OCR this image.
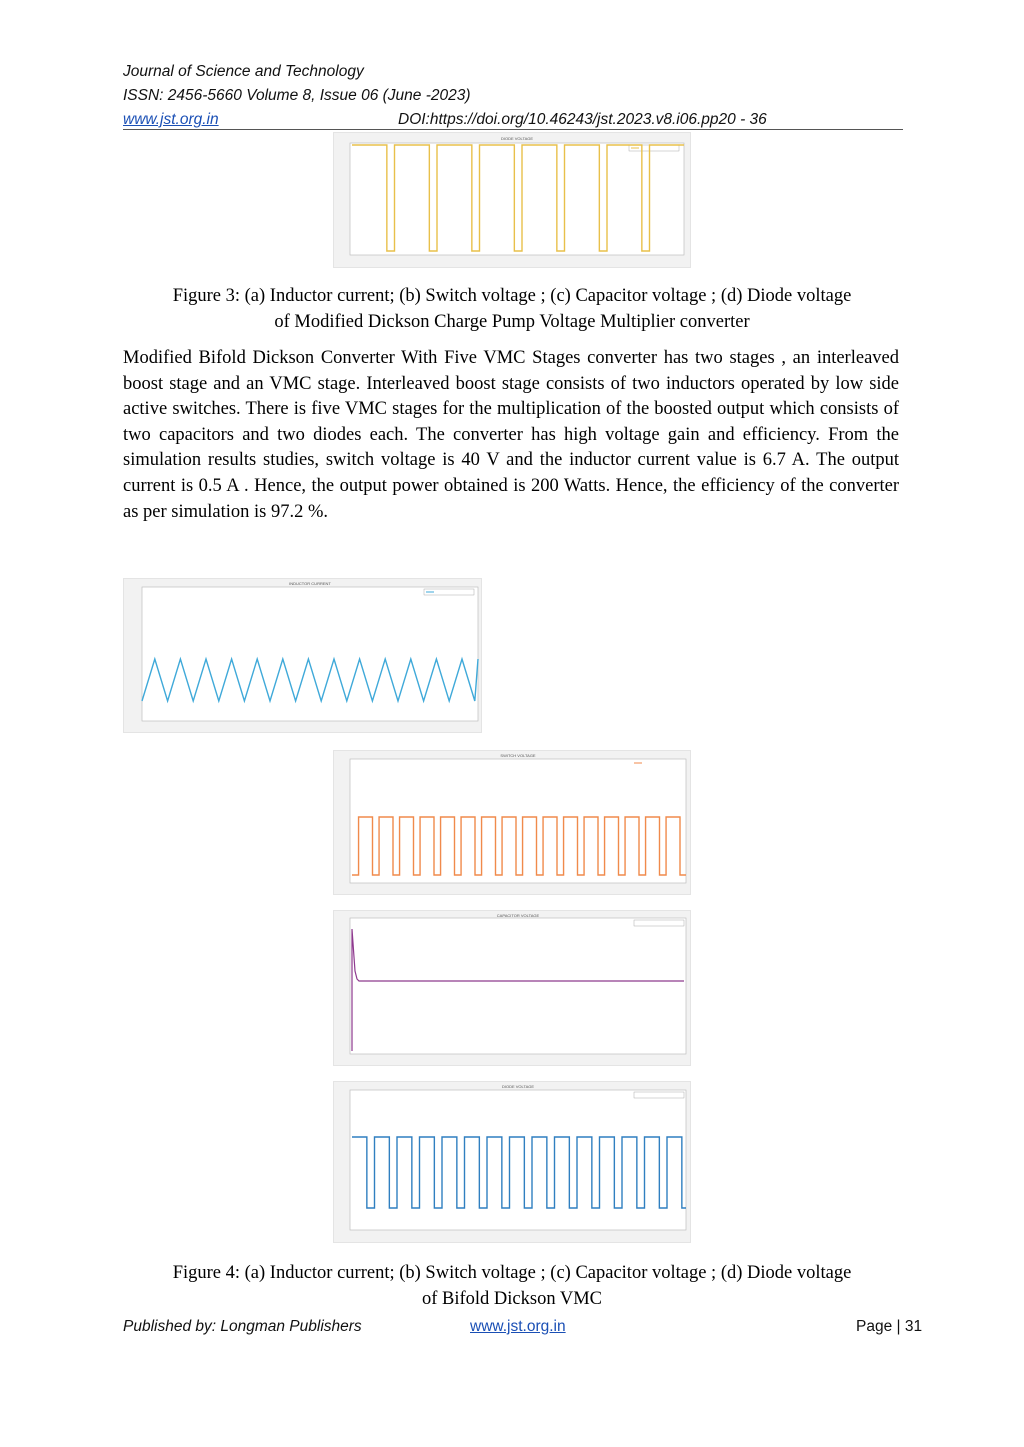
Journal of Science and Technology
ISSN: 2456-5660 Volume 8, Issue 06 (June -2023)
www.jst.org.in	DOI:https://doi.org/10.46243/jst.2023.v8.i06.pp20 - 36
DIODE VOLTAGE
Figure 3: (a) Inductor current; (b) Switch voltage ; (c) Capacitor voltage ; (d) Diode voltage
of Modified Dickson Charge Pump Voltage Multiplier converter
Modified Bifold Dickson Converter With Five VMC Stages converter has two stages , an interleaved boost stage and an VMC stage. Interleaved boost stage consists of two inductors operated by low side active switches. There is five VMC stages for the multiplication of the boosted output which consists of two capacitors and two diodes each. The converter has high voltage gain and efficiency. From the simulation results studies, switch voltage is 40 V and the inductor current value is 6.7 A. The output current is 0.5 A . Hence, the output power obtained is 200 Watts. Hence, the efficiency of the converter as per simulation is 97.2 %.
INDUCTOR CURRENT
SWITCH VOLTAGE
CAPACITOR VOLTAGE
DIODE VOLTAGE
Figure 4: (a) Inductor current; (b) Switch voltage ; (c) Capacitor voltage ; (d) Diode voltage
of Bifold Dickson VMC
Published by: Longman Publishers	www.jst.org.in	Page | 31
